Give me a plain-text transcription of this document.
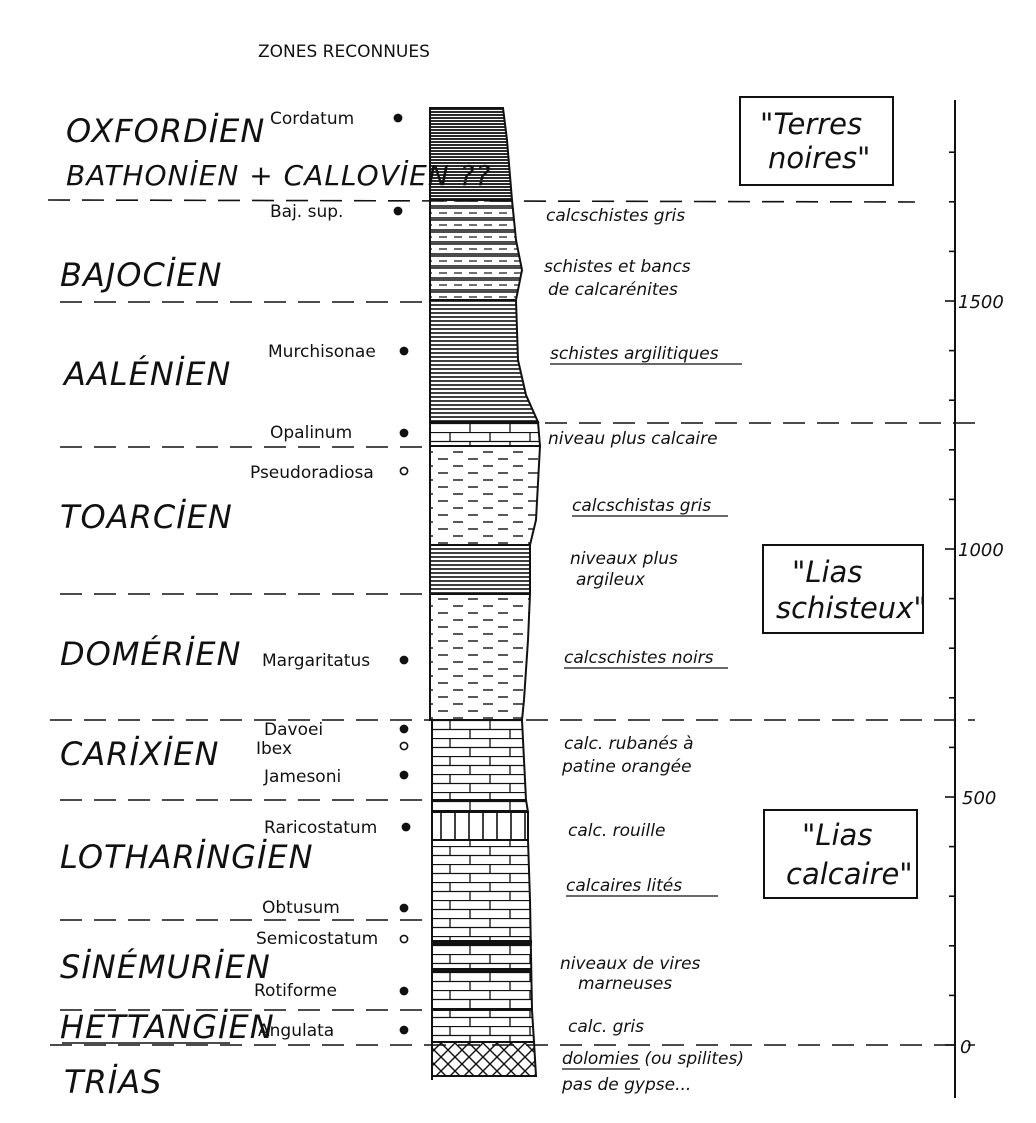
ZONES RECONNUES
1500
1000
500
0
OXFORDİEN
BATHONİEN + CALLOVİEN ??
BAJOCİEN
AALÉNİEN
TOARCİEN
DOMÉRİEN
CARİXİEN
LOTHARİNGİEN
SİNÉMURİEN
HETTANGİEN
TRİAS
Cordatum
Baj. sup.
Murchisonae
Opalinum
Pseudoradiosa
Margaritatus
Davoei
Ibex
Jamesoni
Raricostatum
Obtusum
Semicostatum
Rotiforme
Angulata
calcschistes gris
schistes et bancs
de calcarénites
schistes argilitiques
niveau plus calcaire
calcschistas gris
niveaux plus
argileux
calcschistes noirs
calc. rubanés à
patine orangée
calc. rouille
calcaires lités
niveaux de vires
marneuses
calc. gris
dolomies (ou spilites)
pas de gypse...
"Terres
noires"
"Lias
schisteux"
"Lias
calcaire"
